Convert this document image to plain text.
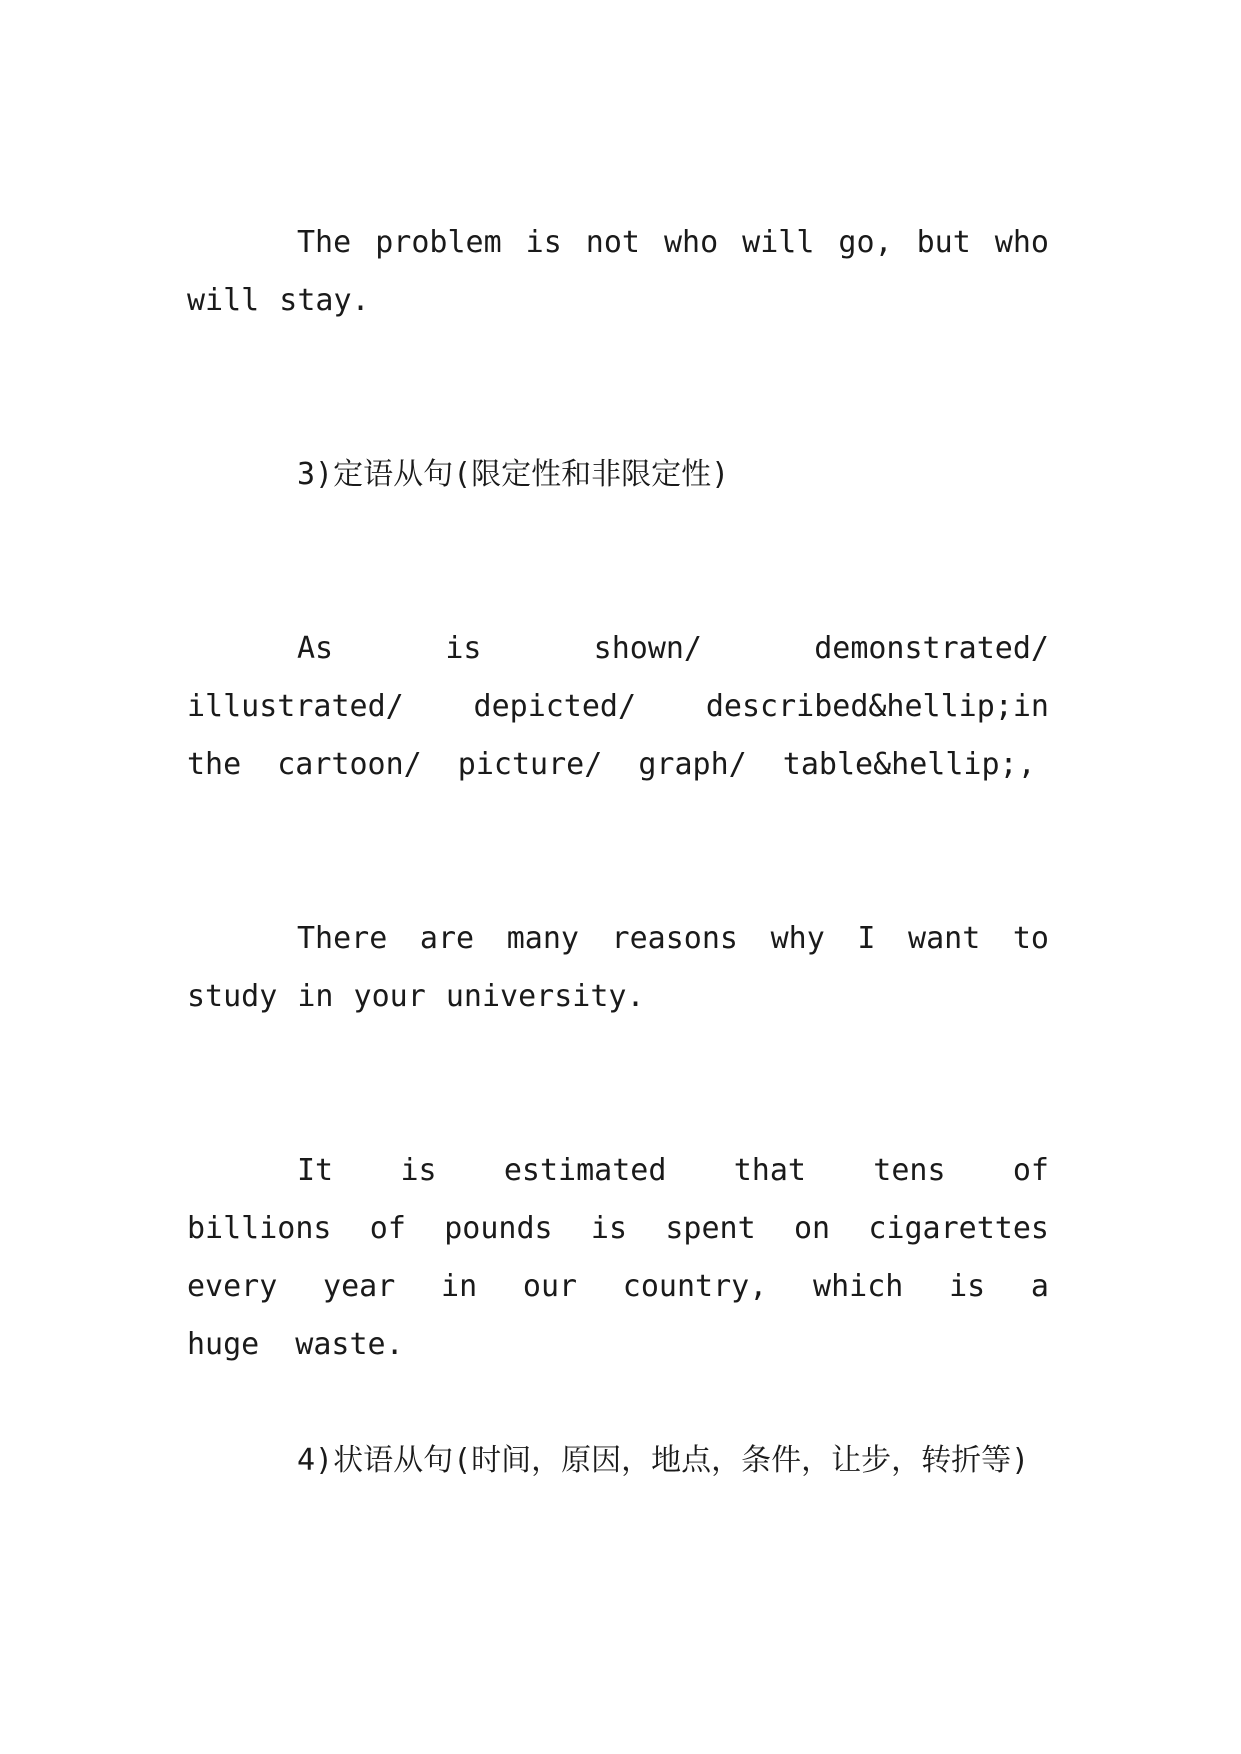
The problem is not who will go, but who will stay.

3)定语从句(限定性和非限定性)

As is shown/ demonstrated/ illustrated/ depicted/ described&hellip;in the cartoon/ picture/ graph/ table&hellip;,

There are many reasons why I want to study in your university.

It is estimated that tens of billions of pounds is spent on cigarettes every year in our country, which is a huge waste.

4)状语从句(时间，原因，地点，条件，让步，转折等)
